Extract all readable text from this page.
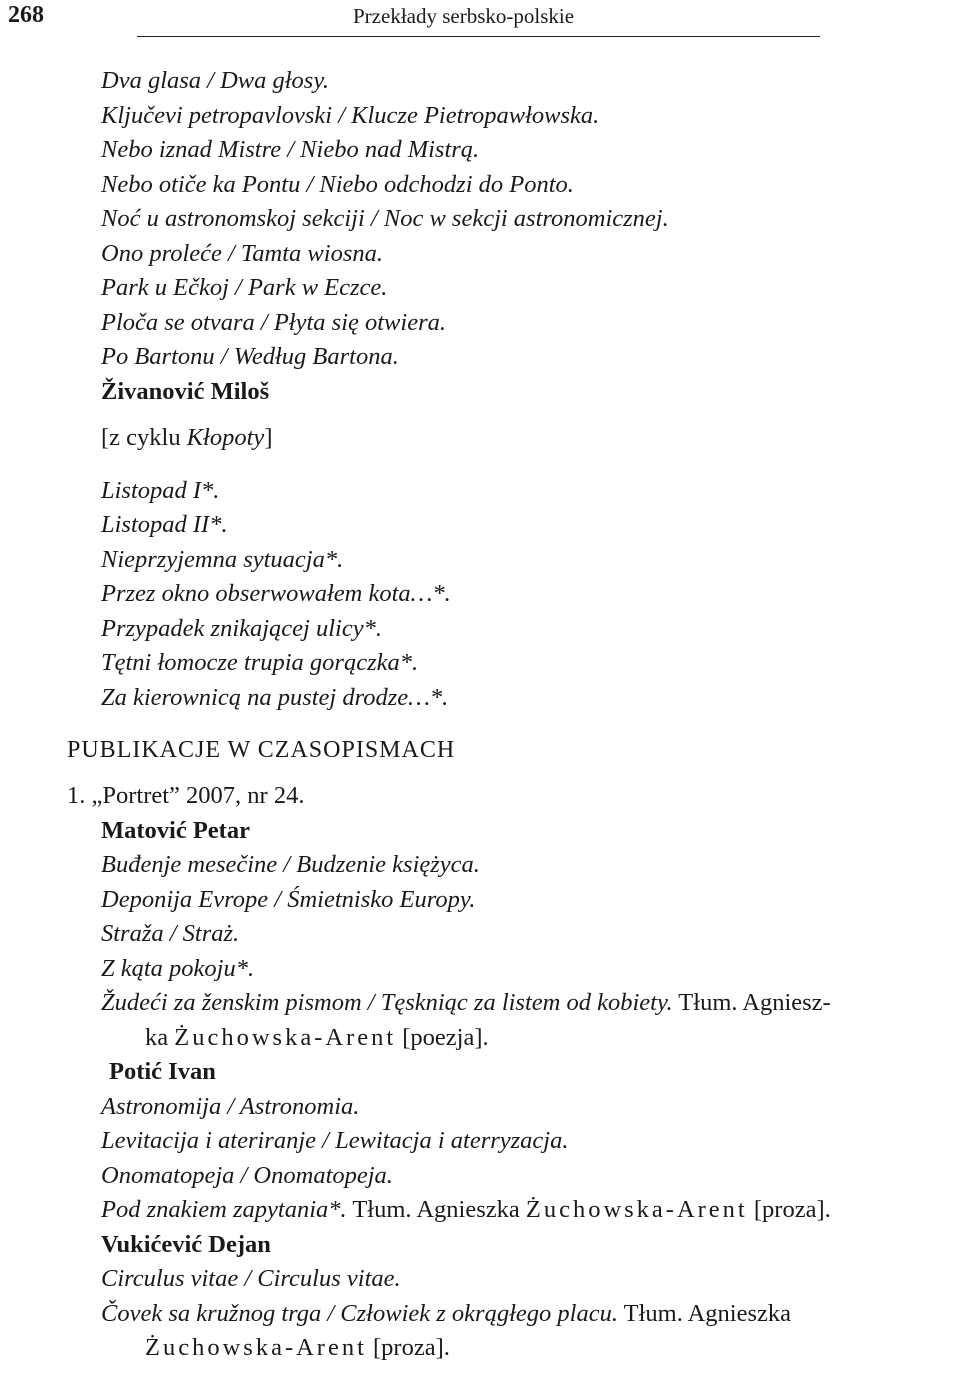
268	Przekłady serbsko-polskie
Dva glasa / Dwa głosy.
Ključevi petropavlovski / Klucze Pietropawłowska.
Nebo iznad Mistre / Niebo nad Mistrą.
Nebo otiče ka Pontu / Niebo odchodzi do Ponto.
Noć u astronomskoj sekciji / Noc w sekcji astronomicznej.
Ono proleće / Tamta wiosna.
Park u Ečkoj / Park w Eczce.
Ploča se otvara / Płyta się otwiera.
Po Bartonu / Według Bartona.
Živanović Miloš
[z cyklu Kłopoty]
Listopad I*.
Listopad II*.
Nieprzyjemna sytuacja*.
Przez okno obserwowałem kota…*.
Przypadek znikającej ulicy*.
Tętni łomocze trupia gorączka*.
Za kierownicą na pustej drodze…*.
PUBLIKACJE W CZASOPISMACH
1. „Portret” 2007, nr 24.
Matović Petar
Buđenje mesečine / Budzenie księżyca.
Deponija Evrope / Śmietnisko Europy.
Straža / Straż.
Z kąta pokoju*.
Žudeći za ženskim pismom / Tęskniąc za listem od kobiety. Tłum. Agniesz-
ka Żuchowska-Arent [poezja].
Potić Ivan
Astronomija / Astronomia.
Levitacija i ateriranje / Lewitacja i aterryzacja.
Onomatopeja / Onomatopeja.
Pod znakiem zapytania*. Tłum. Agnieszka Żuchowska-Arent [proza].
Vukićević Dejan
Circulus vitae / Circulus vitae.
Čovek sa kružnog trga / Człowiek z okrągłego placu. Tłum. Agnieszka
Żuchowska-Arent [proza].
